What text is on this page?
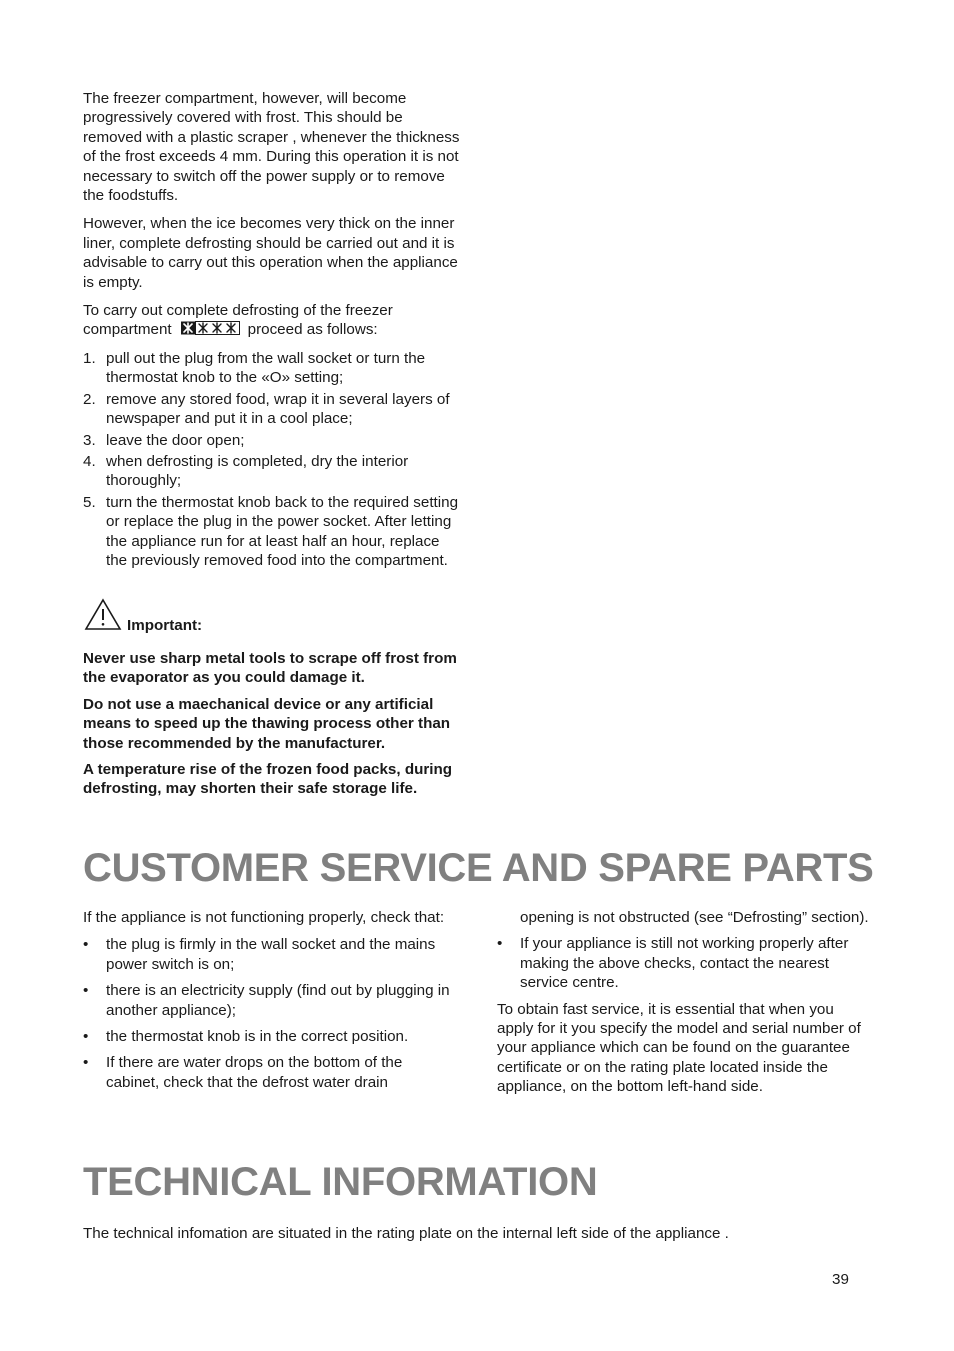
The freezer compartment, however, will become progressively covered with frost. This should be removed with a plastic scraper , whenever the thickness of the frost exceeds 4 mm. During this operation it is not necessary to switch off the power supply or to remove the foodstuffs.

However, when the ice becomes very thick on the inner liner, complete defrosting should be carried out and it is advisable to carry out this operation when the appliance is empty.

To carry out complete defrosting of the freezer
compartment	proceed as follows:

1. pull out the plug from the wall socket or turn the thermostat knob to the «O» setting;

2. remove any stored food, wrap it in several layers of newspaper and put it in a cool place;

3. leave the door open;

4. when defrosting is completed, dry the interior thoroughly;

5. turn the thermostat knob back to the required setting or replace the plug in the power socket. After letting the appliance run for at least half an hour, replace the previously removed food into the compartment.

Important:

Never use sharp metal tools to scrape off frost from the evaporator as you could damage it.

Do not use a maechanical device or any artificial means to speed up the thawing process other than those recommended by the manufacturer.

A temperature rise of the frozen food packs, during defrosting, may shorten their safe storage life.

CUSTOMER SERVICE AND SPARE PARTS

If the appliance is not functioning properly, check that:

• the plug is firmly in the wall socket and the mains power switch is on;

• there is an electricity supply (find out by plugging in another appliance);

• the thermostat knob is in the correct position.

• If there are water drops on the bottom of the cabinet, check that the defrost water drain

opening is not obstructed (see “Defrosting” section).

• If your appliance is still not working properly after making the above checks, contact the nearest service centre.

To obtain fast service, it is essential that when you apply for it you specify the model and serial number of your appliance which can be found on the guarantee certificate or on the rating plate located inside the appliance, on the bottom left-hand side.

TECHNICAL INFORMATION

The technical infomation are situated in the rating plate on the internal left side of the appliance .

39
